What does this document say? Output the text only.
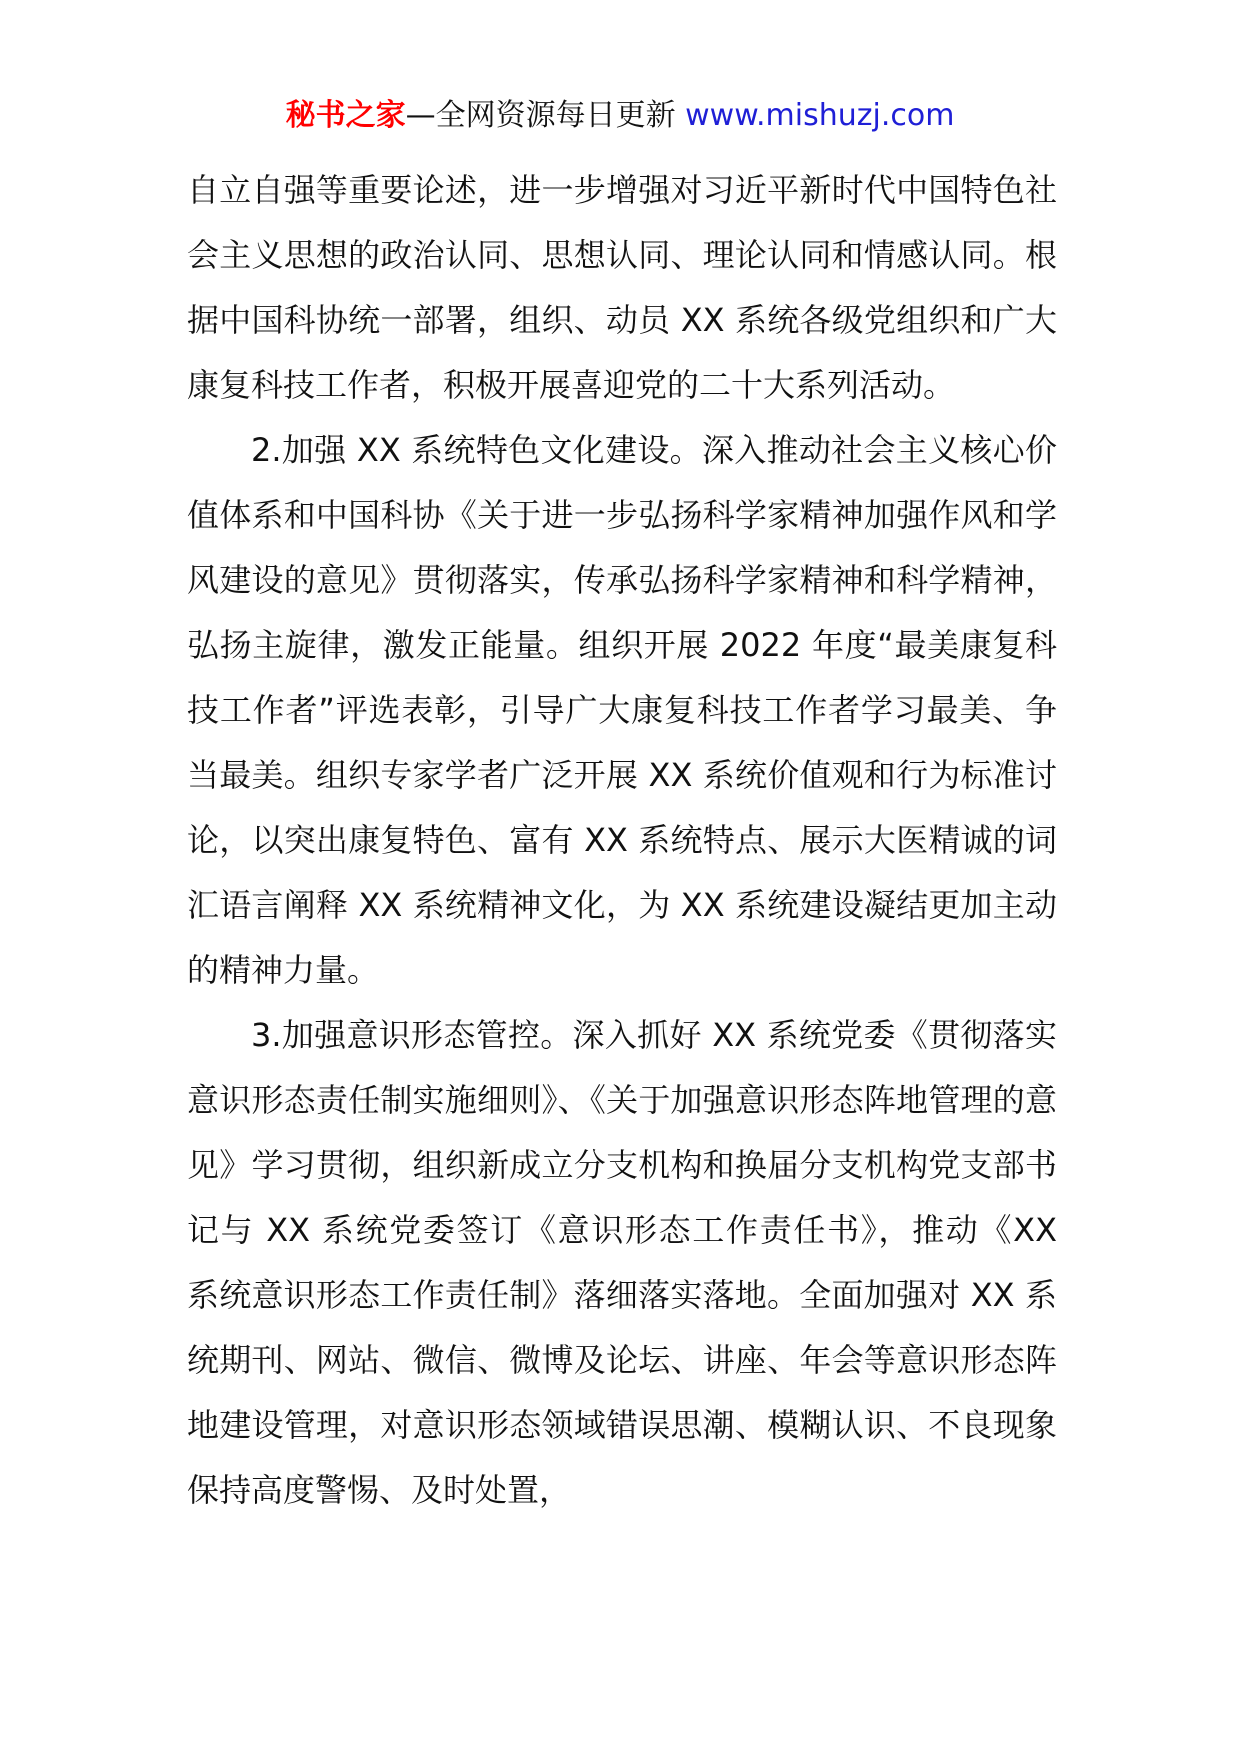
秘书之家—全网资源每日更新 www.mishuzj.com

自立自强等重要论述，进一步增强对习近平新时代中国特色社会主义思想的政治认同、思想认同、理论认同和情感认同。根据中国科协统一部署，组织、动员 XX 系统各级党组织和广大康复科技工作者，积极开展喜迎党的二十大系列活动。

2.加强 XX 系统特色文化建设。深入推动社会主义核心价值体系和中国科协《关于进一步弘扬科学家精神加强作风和学风建设的意见》贯彻落实，传承弘扬科学家精神和科学精神，弘扬主旋律，激发正能量。组织开展 2022 年度“最美康复科技工作者”评选表彰，引导广大康复科技工作者学习最美、争当最美。组织专家学者广泛开展 XX 系统价值观和行为标准讨论，以突出康复特色、富有 XX 系统特点、展示大医精诚的词汇语言阐释 XX 系统精神文化，为 XX 系统建设凝结更加主动的精神力量。

3.加强意识形态管控。深入抓好 XX 系统党委《贯彻落实意识形态责任制实施细则》、《关于加强意识形态阵地管理的意见》学习贯彻，组织新成立分支机构和换届分支机构党支部书记与 XX 系统党委签订《意识形态工作责任书》，推动《XX 系统意识形态工作责任制》落细落实落地。全面加强对 XX 系统期刊、网站、微信、微博及论坛、讲座、年会等意识形态阵地建设管理，对意识形态领域错误思潮、模糊认识、不良现象保持高度警惕、及时处置，
